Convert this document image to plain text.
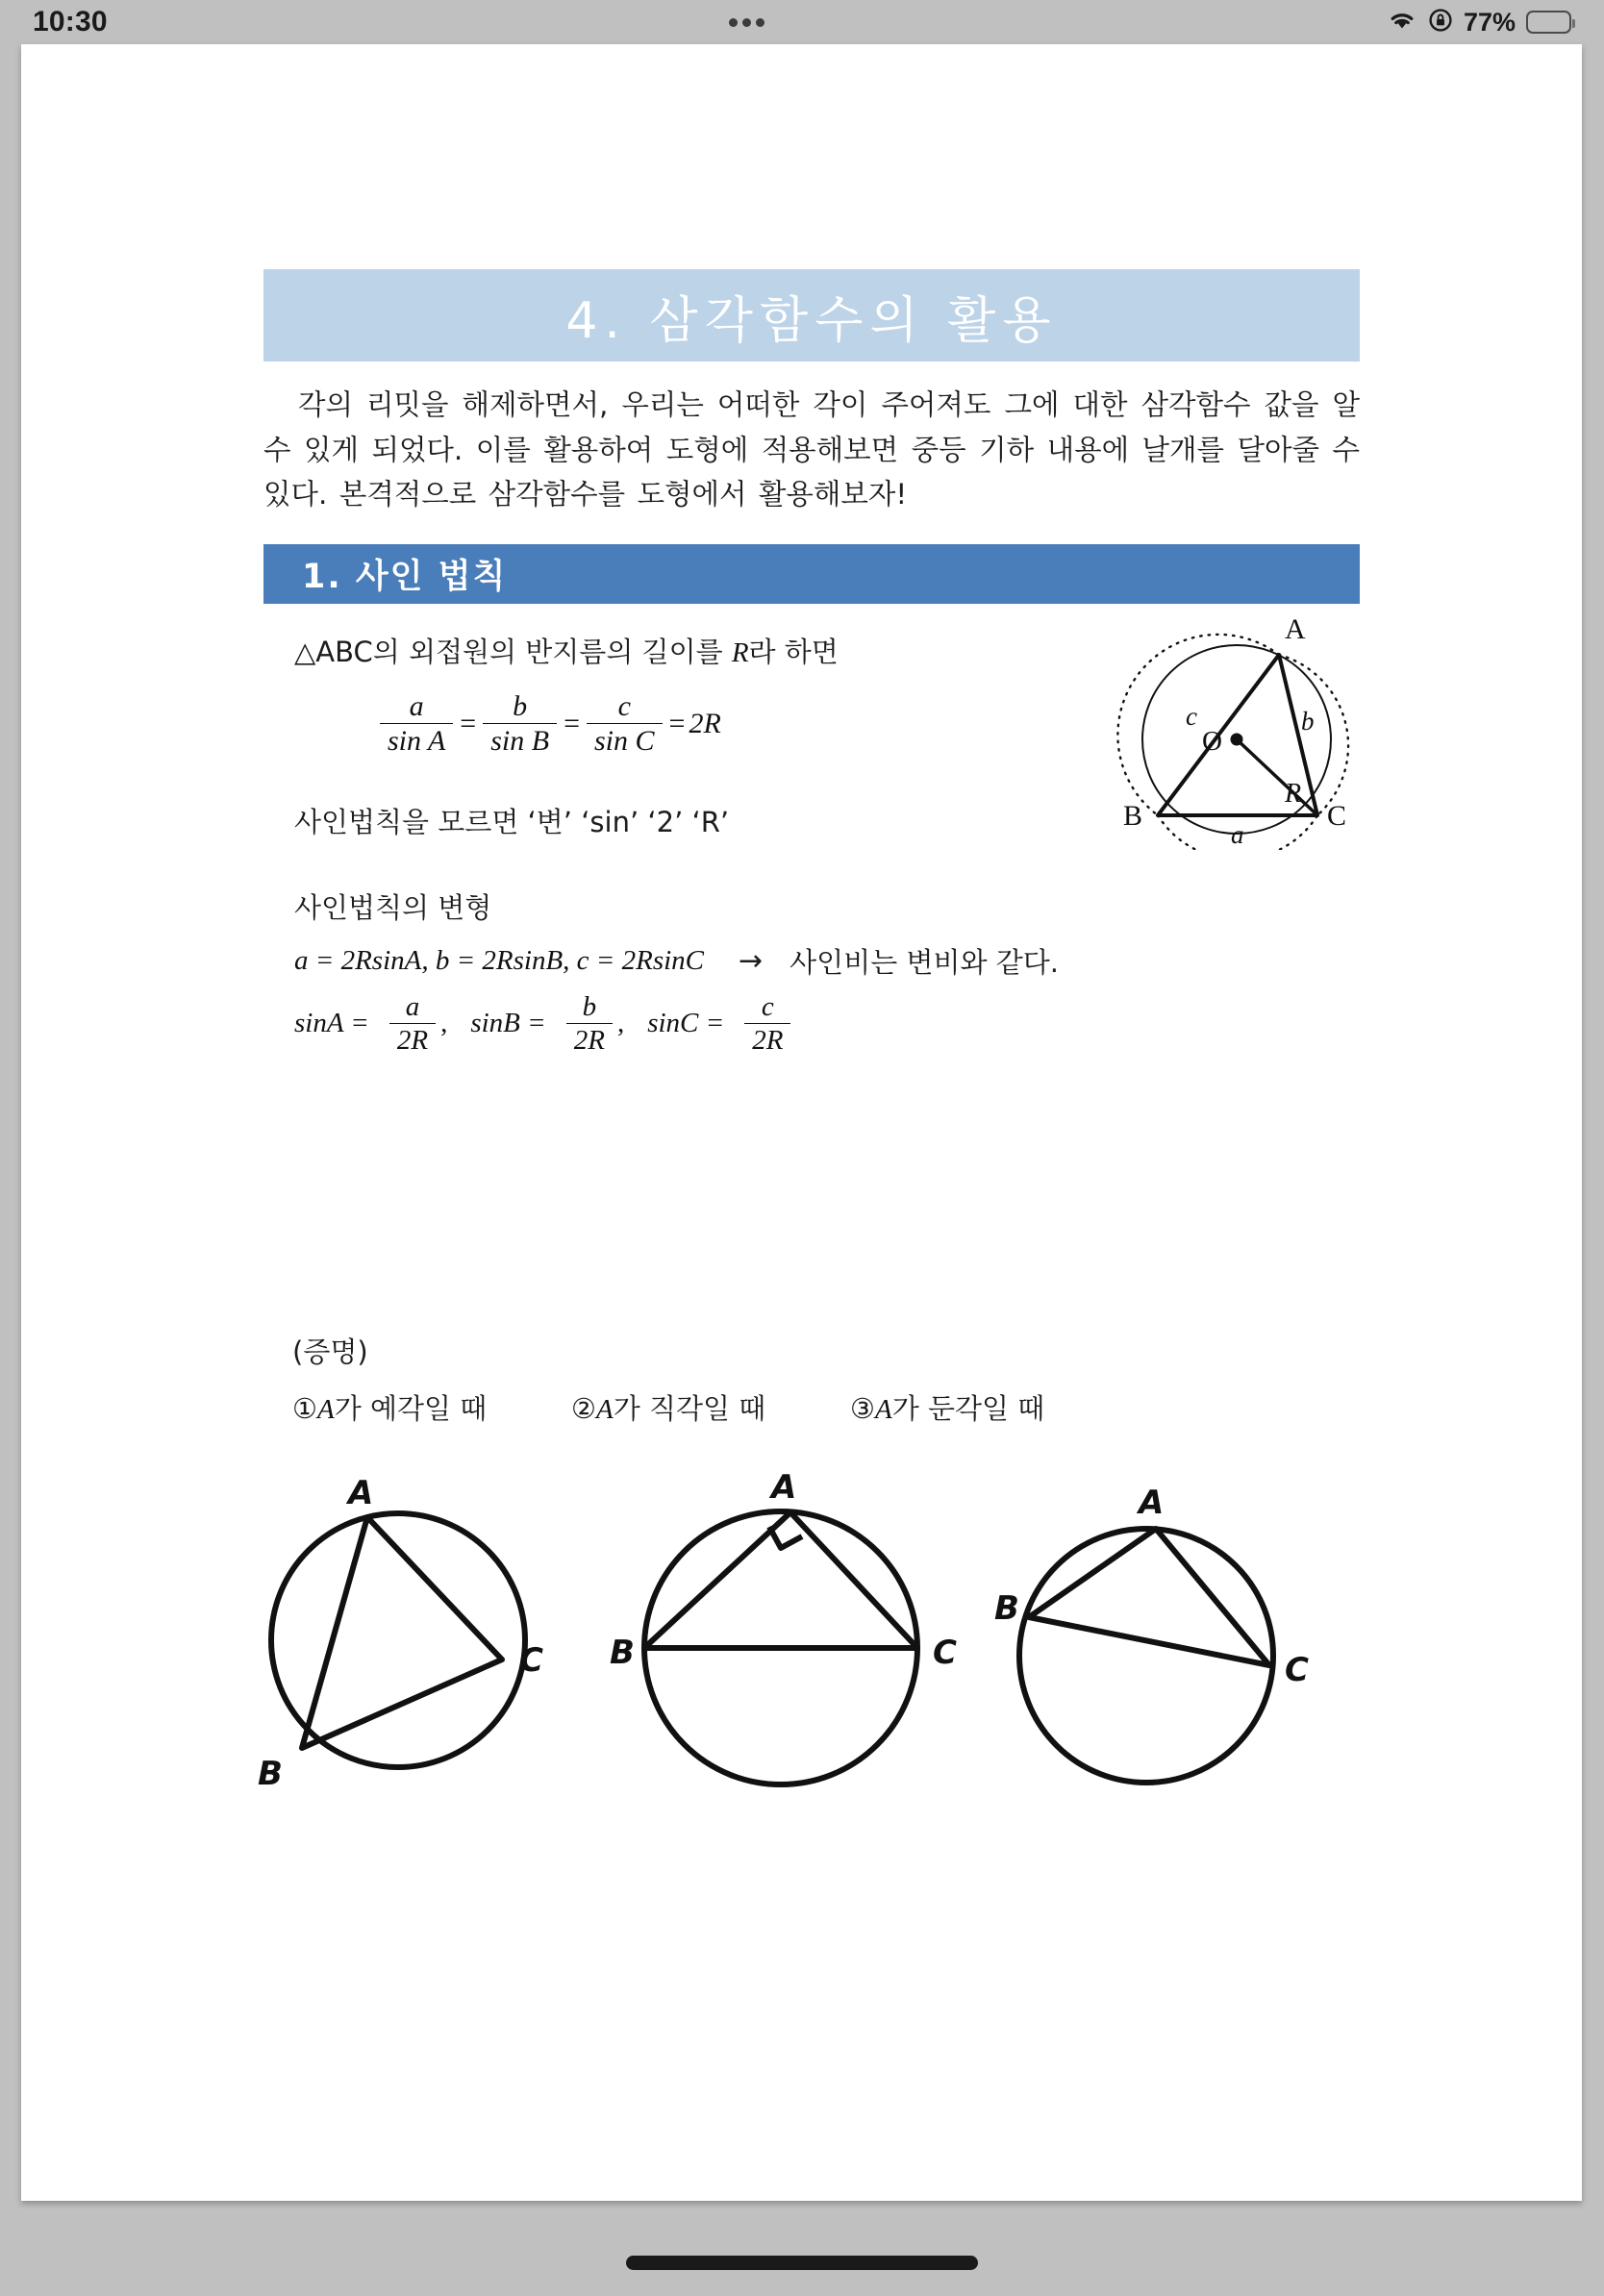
10:30	77%
4. 삼각함수의 활용
각의 리밋을 해제하면서, 우리는 어떠한 각이 주어져도 그에 대한 삼각함수 값을 알 수 있게 되었다. 이를 활용하여 도형에 적용해보면 중등 기하 내용에 날개를 달아줄 수 있다. 본격적으로 삼각함수를 도형에서 활용해보자!
1. 사인 법칙
△ABC의 외접원의 반지름의 길이를 R라 하면
$\frac{a}{\text{sin A}} = \frac{b}{\text{sin B}} = \frac{c}{\text{sin C}} = 2R$
사인법칙을 모르면 ‘변’ ‘sin’ ‘2’ ‘R’
사인법칙의 변형
a = 2RsinA, b = 2RsinB, c = 2RsinC → 사인비는 변비와 같다.
$\sin A = \frac{a}{2R}$ , $\sin B = \frac{b}{2R}$ , $\sin C = \frac{c}{2R}$
A
B	C
O
R
c	b
a
(증명)
①A가 예각일 때	②A가 직각일 때	③A가 둔각일 때
A
B
C
A
B	C
A
B
C
